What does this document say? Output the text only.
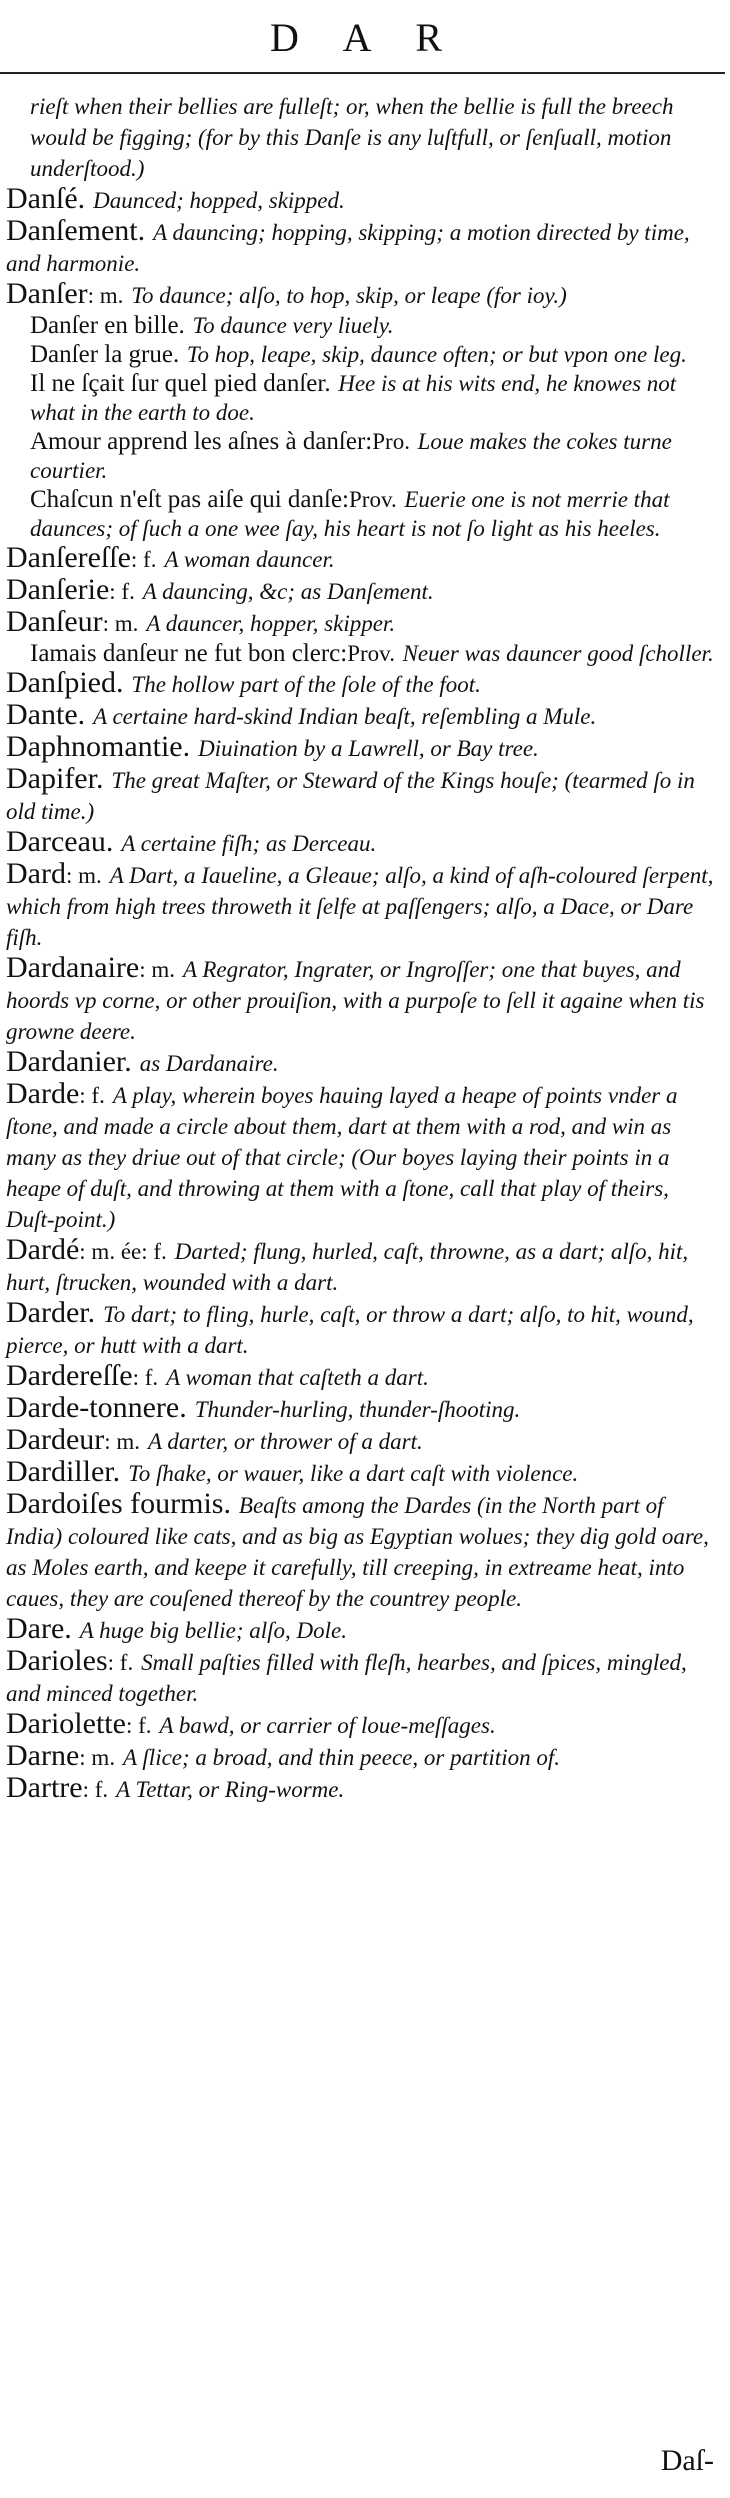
D A R

rieſt when their bellies are fulleſt; or, when the bellie is full the breech would be figging; (for by this Danſe is any luſtfull, or ſenſuall, motion underſtood.)

Danſé. Daunced; hopped, skipped.

Danſement. A dauncing; hopping, skipping; a motion directed by time, and harmonie.

Danſer: m. To daunce; alſo, to hop, skip, or leape (for ioy.)

Danſer en bille. To daunce very liuely.

Danſer la grue. To hop, leape, skip, daunce often; or but vpon one leg.

Il ne ſçait ſur quel pied danſer. Hee is at his wits end, he knowes not what in the earth to doe.

Amour apprend les aſnes à danſer:Pro. Loue makes the cokes turne courtier.

Chaſcun n'eſt pas aiſe qui danſe:Prov. Euerie one is not merrie that daunces; of ſuch a one wee ſay, his heart is not ſo light as his heeles.

Danſereſſe: f. A woman dauncer.

Danſerie: f. A dauncing, &c; as Danſement.

Danſeur: m. A dauncer, hopper, skipper.

Iamais danſeur ne fut bon clerc:Prov. Neuer was dauncer good ſcholler.

Danſpied. The hollow part of the ſole of the foot.

Dante. A certaine hard-skind Indian beaſt, reſembling a Mule.

Daphnomantie. Diuination by a Lawrell, or Bay tree.

Dapifer. The great Maſter, or Steward of the Kings houſe; (tearmed ſo in old time.)

Darceau. A certaine fiſh; as Derceau.

Dard: m. A Dart, a Iaueline, a Gleaue; alſo, a kind of aſh-coloured ſerpent, which from high trees throweth it ſelfe at paſſengers; alſo, a Dace, or Dare fiſh.

Dardanaire: m. A Regrator, Ingrater, or Ingroſſer; one that buyes, and hoords vp corne, or other prouiſion, with a purpoſe to ſell it againe when tis growne deere.

Dardanier. as Dardanaire.

Darde: f. A play, wherein boyes hauing layed a heape of points vnder a ſtone, and made a circle about them, dart at them with a rod, and win as many as they driue out of that circle; (Our boyes laying their points in a heape of duſt, and throwing at them with a ſtone, call that play of theirs, Duſt-point.)

Dardé: m. ée: f. Darted; flung, hurled, caſt, throwne, as a dart; alſo, hit, hurt, ſtrucken, wounded with a dart.

Darder. To dart; to fling, hurle, caſt, or throw a dart; alſo, to hit, wound, pierce, or hutt with a dart.

Dardereſſe: f. A woman that caſteth a dart.

Darde-tonnere. Thunder-hurling, thunder-ſhooting.

Dardeur: m. A darter, or thrower of a dart.

Dardiller. To ſhake, or wauer, like a dart caſt with violence.

Dardoiſes fourmis. Beaſts among the Dardes (in the North part of India) coloured like cats, and as big as Egyptian wolues; they dig gold oare, as Moles earth, and keepe it carefully, till creeping, in extreame heat, into caues, they are couſened thereof by the countrey people.

Dare. A huge big bellie; alſo, Dole.

Darioles: f. Small paſties filled with fleſh, hearbes, and ſpices, mingled, and minced together.

Dariolette: f. A bawd, or carrier of loue-meſſages.

Darne: m. A ſlice; a broad, and thin peece, or partition of.

Dartre: f. A Tettar, or Ring-worme.

Daſ-
